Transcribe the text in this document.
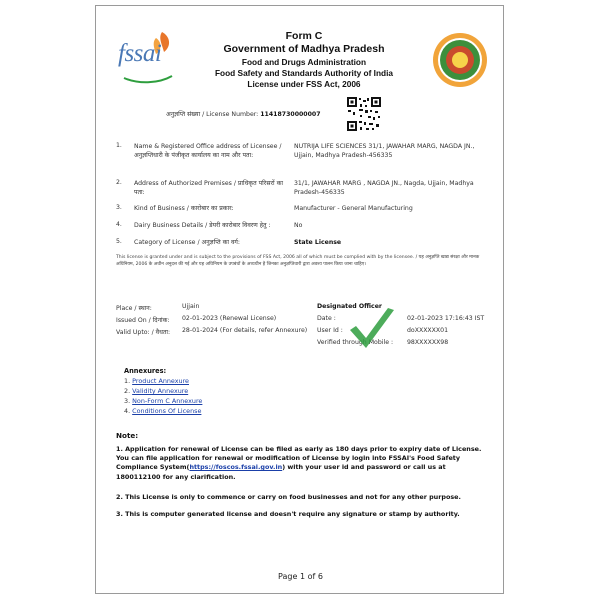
fssai
Form C
Government of Madhya Pradesh
Food and Drugs Administration
Food Safety and Standards Authority of India
License under FSS Act, 2006
अनुज्ञप्ति संख्या / License Number: 11418730000007
1. Name & Registered Office address of Licensee / अनुज्ञप्तिधारी के पंजीकृत कार्यालय का नाम और पता:
NUTRIJA LIFE SCIENCES 31/1, JAWAHAR MARG, NAGDA JN., Ujjain, Madhya Pradesh-456335
2. Address of Authorized Premises / प्राधिकृत परिसरों का पता:
31/1, JAWAHAR MARG , NAGDA JN., Nagda, Ujjain, Madhya Pradesh-456335
3. Kind of Business / कारोबार का प्रकार:	Manufacturer - General Manufacturing
4. Dairy Business Details / डेयरी कारोबार विवरण हेतु :	No
5. Category of License / अनुज्ञप्ति का वर्ग:	State License
This license is granted under and is subject to the provisions of FSS Act, 2006 all of which must be complied with by the licensee. / यह अनुज्ञप्ति खाद्य संरक्षा और मानक अधिनियम, 2006 के अधीन अनुदत्त की गई और यह अधिनियम के उपबंधों के अध्यधीन है जिनका अनुज्ञप्तिधारी द्वारा अवश्य पालन किया जाना चाहिए।
Place / स्थान:	Ujjain
Issued On / दिनांक: 02-01-2023 (Renewal License)
Valid Upto: / वैधता: 28-01-2024 (For details, refer Annexure)
Designated Officer
Date :	02-01-2023 17:16:43 IST
User Id :	doXXXXXX01
Verified through Mobile : 98XXXXXX98
Annexures:
1. Product Annexure
2. Validity Annexure
3. Non-Form C Annexure
4. Conditions Of License
Note:
1. Application for renewal of License can be filed as early as 180 days prior to expiry date of License. You can file application for renewal or modification of License by login into FSSAI's Food Safety Compliance System(https://foscos.fssai.gov.in) with your user id and password or call us at 1800112100 for any clarification.
2. This License is only to commence or carry on food businesses and not for any other purpose.
3. This is computer generated license and doesn't require any signature or stamp by authority.
Page 1 of 6
